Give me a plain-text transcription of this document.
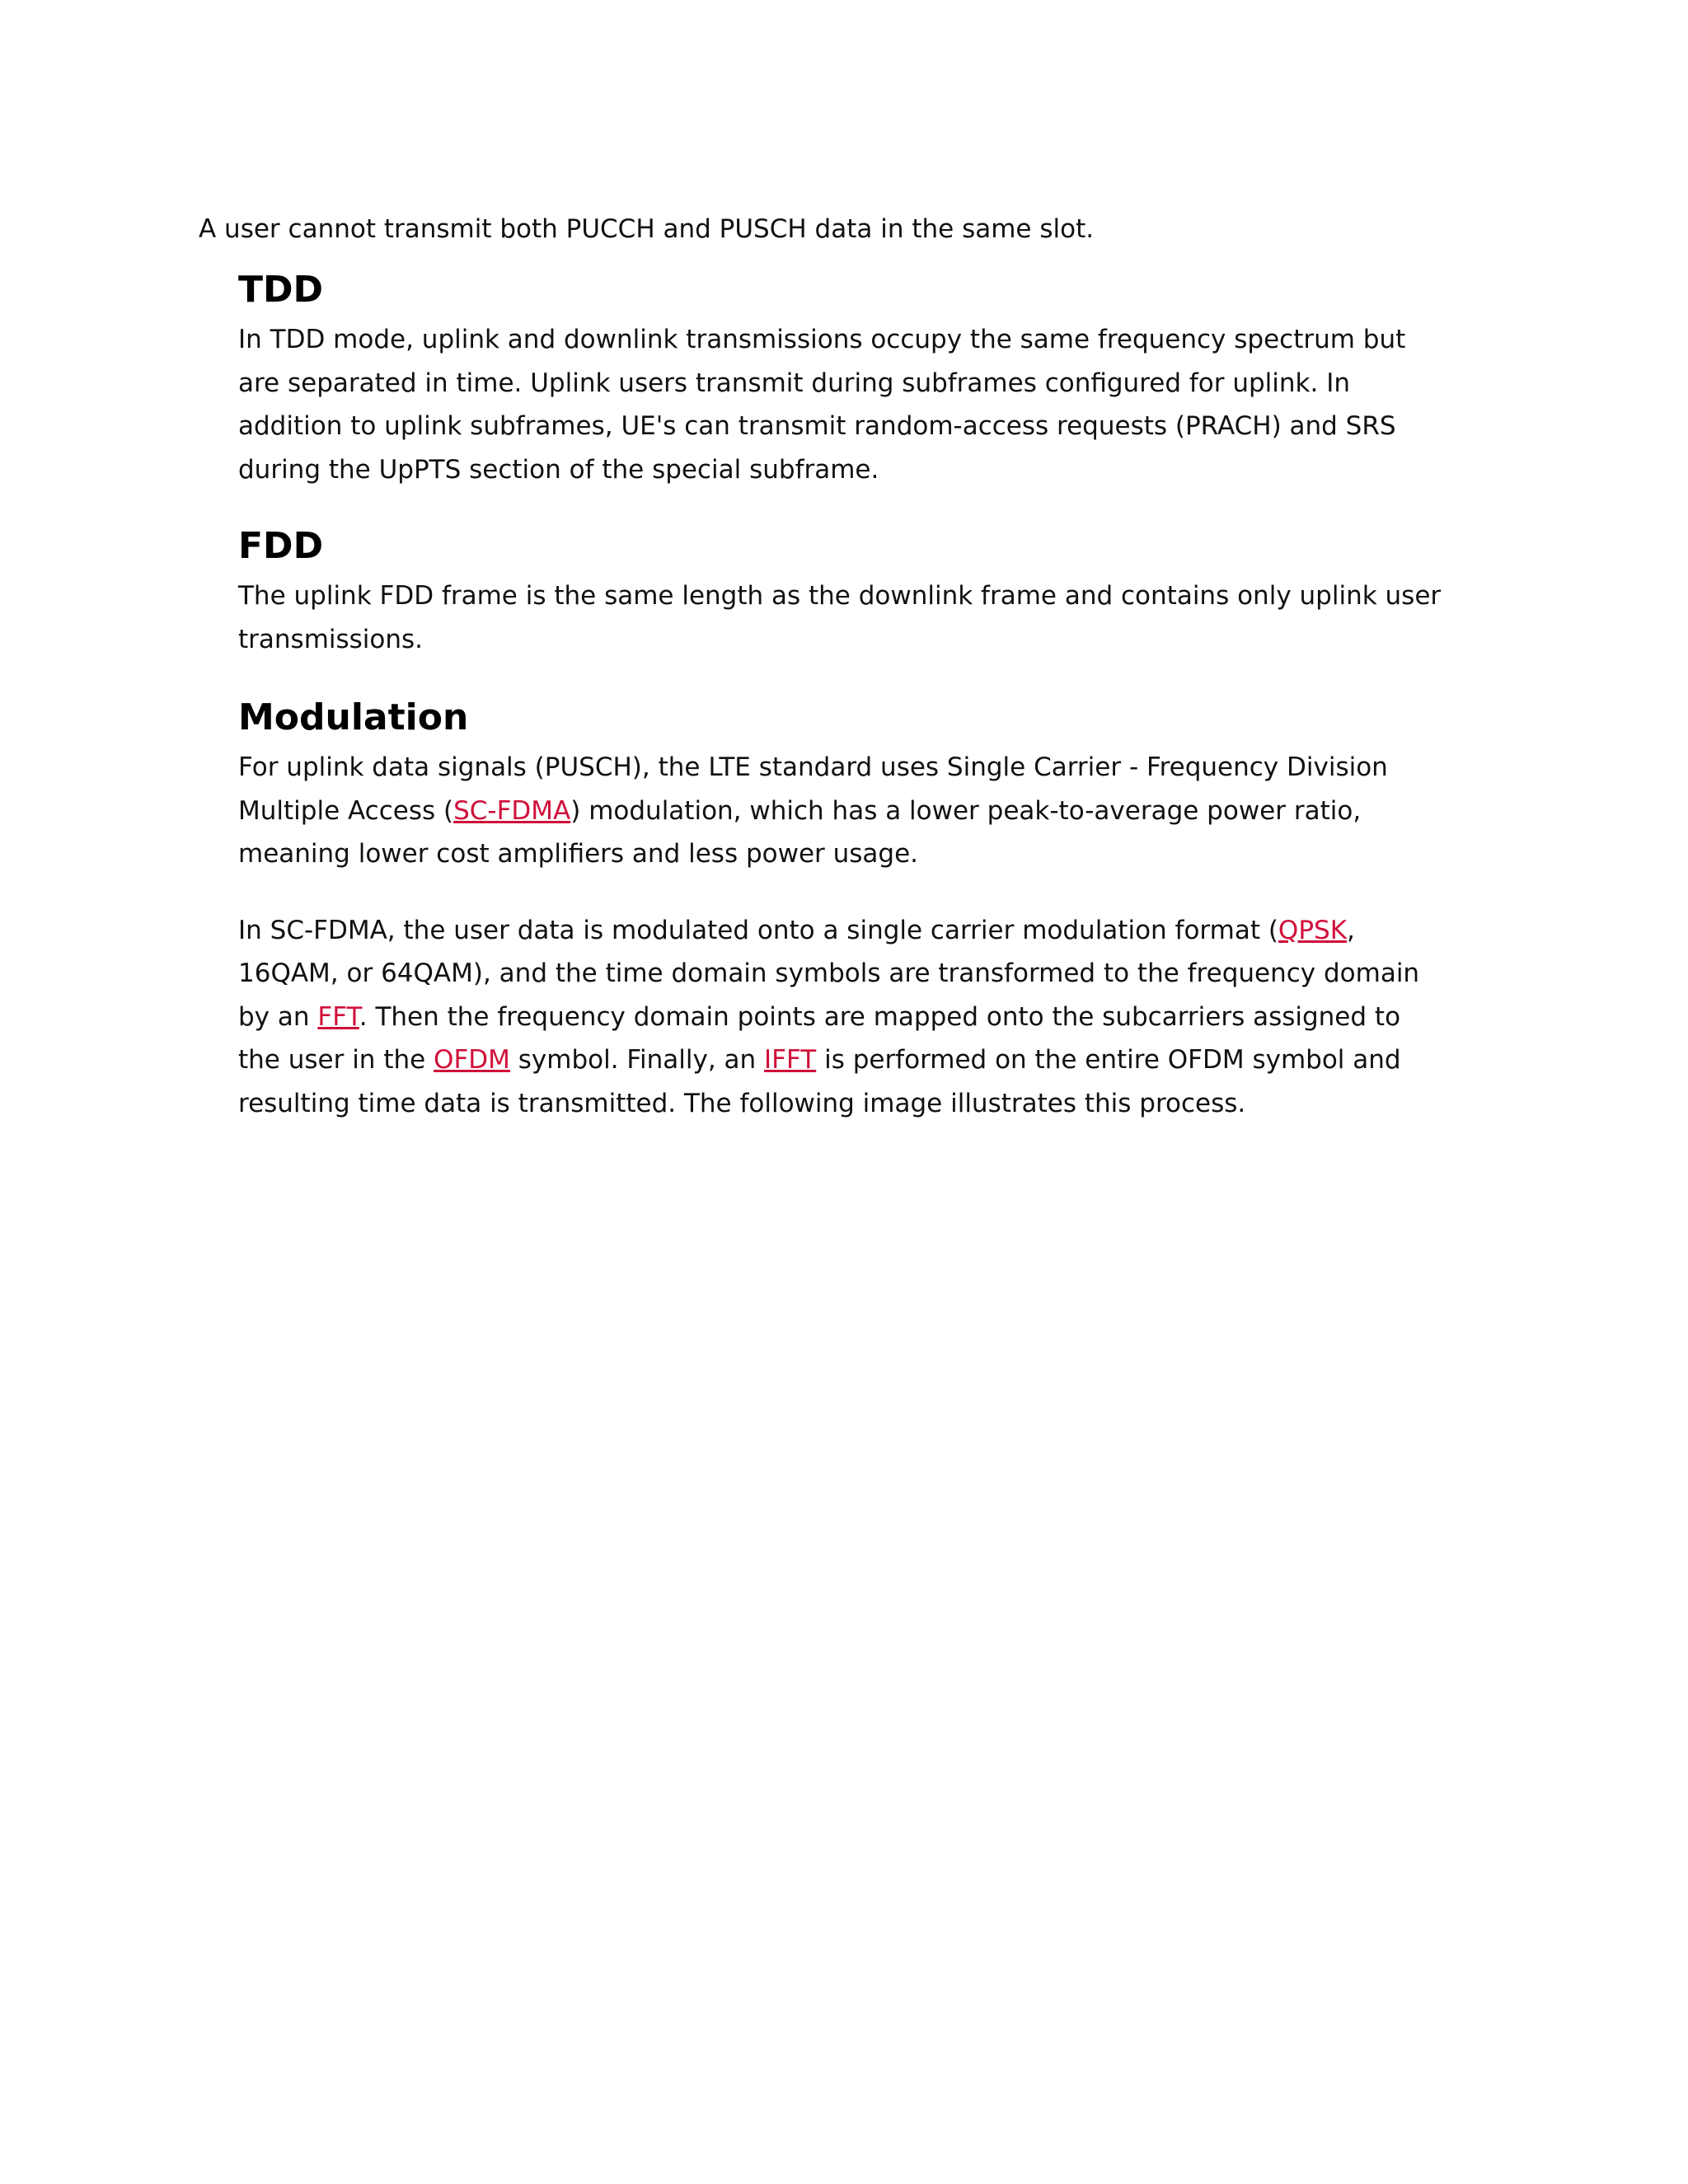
A user cannot transmit both PUCCH and PUSCH data in the same slot.

TDD

In TDD mode, uplink and downlink transmissions occupy the same frequency spectrum but
are separated in time. Uplink users transmit during subframes configured for uplink. In
addition to uplink subframes, UE's can transmit random-access requests (PRACH) and SRS
during the UpPTS section of the special subframe.

FDD

The uplink FDD frame is the same length as the downlink frame and contains only uplink user
transmissions.

Modulation

For uplink data signals (PUSCH), the LTE standard uses Single Carrier - Frequency Division
Multiple Access (SC-FDMA) modulation, which has a lower peak-to-average power ratio,
meaning lower cost amplifiers and less power usage.

In SC-FDMA, the user data is modulated onto a single carrier modulation format (QPSK,
16QAM, or 64QAM), and the time domain symbols are transformed to the frequency domain
by an FFT. Then the frequency domain points are mapped onto the subcarriers assigned to
the user in the OFDM symbol. Finally, an IFFT is performed on the entire OFDM symbol and
resulting time data is transmitted. The following image illustrates this process.
